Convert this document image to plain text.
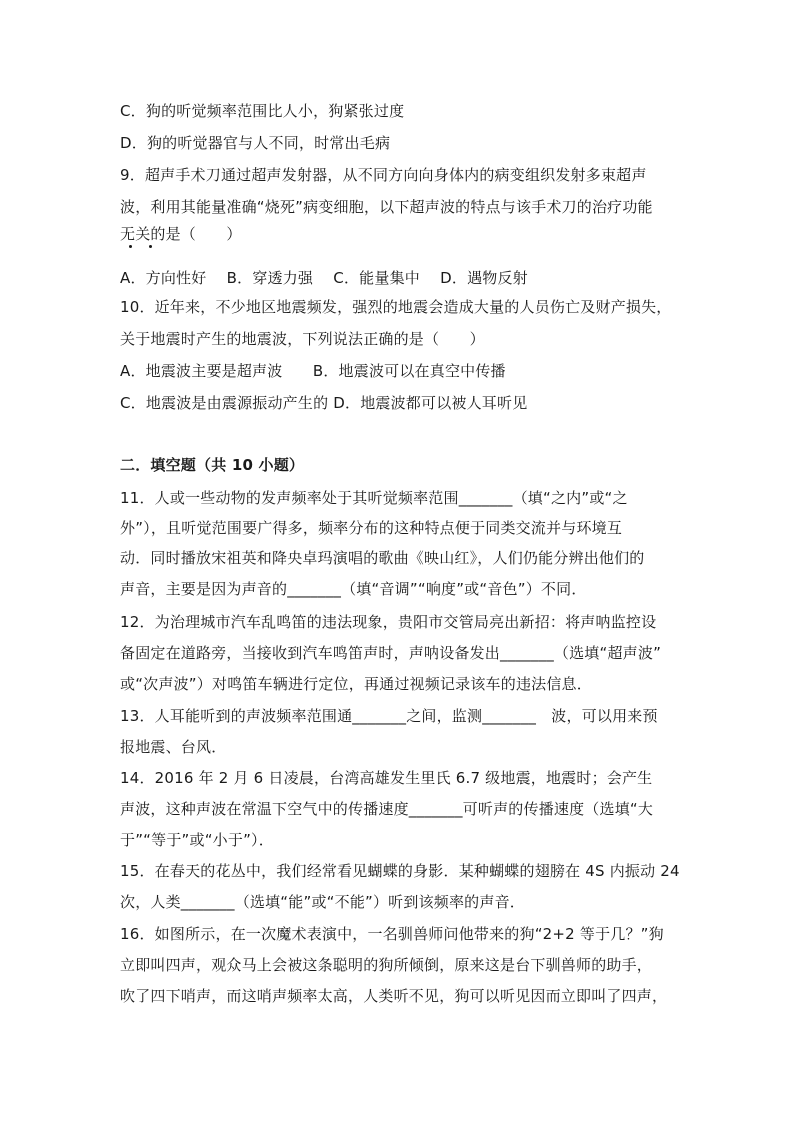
C．狗的听觉频率范围比人小，狗紧张过度
D．狗的听觉器官与人不同，时常出毛病
9．超声手术刀通过超声发射器，从不同方向向身体内的病变组织发射多束超声
波，利用其能量准确“烧死”病变细胞，以下超声波的特点与该手术刀的治疗功能
无关的是（　　）
A．方向性好　 B．穿透力强　 C．能量集中　 D．遇物反射
10．近年来，不少地区地震频发，强烈的地震会造成大量的人员伤亡及财产损失，
关于地震时产生的地震波，下列说法正确的是（　　）
A．地震波主要是超声波　　B．地震波可以在真空中传播
C．地震波是由震源振动产生的 D．地震波都可以被人耳听见
二．填空题（共 10 小题）
11．人或一些动物的发声频率处于其听觉频率范围_______（填“之内”或“之
外”），且听觉范围要广得多，频率分布的这种特点便于同类交流并与环境互
动．同时播放宋祖英和降央卓玛演唱的歌曲《映山红》，人们仍能分辨出他们的
声音，主要是因为声音的_______（填“音调”“响度”或“音色”）不同．
12．为治理城市汽车乱鸣笛的违法现象，贵阳市交管局亮出新招：将声呐监控设
备固定在道路旁，当接收到汽车鸣笛声时，声呐设备发出_______（选填“超声波”
或“次声波”）对鸣笛车辆进行定位，再通过视频记录该车的违法信息．
13．人耳能听到的声波频率范围通_______之间，监测_______　波，可以用来预
报地震、台风．
14．2016 年 2 月 6 日凌晨，台湾高雄发生里氏 6.7 级地震，地震时；会产生
声波，这种声波在常温下空气中的传播速度_______可听声的传播速度（选填“大
于”“等于”或“小于”）．
15．在春天的花丛中，我们经常看见蝴蝶的身影．某种蝴蝶的翅膀在 4S 内振动 24
次，人类_______（选填“能”或“不能”）听到该频率的声音．
16．如图所示，在一次魔术表演中，一名驯兽师问他带来的狗“2+2 等于几？”狗
立即叫四声，观众马上会被这条聪明的狗所倾倒，原来这是台下驯兽师的助手，
吹了四下哨声，而这哨声频率太高，人类听不见，狗可以听见因而立即叫了四声，
